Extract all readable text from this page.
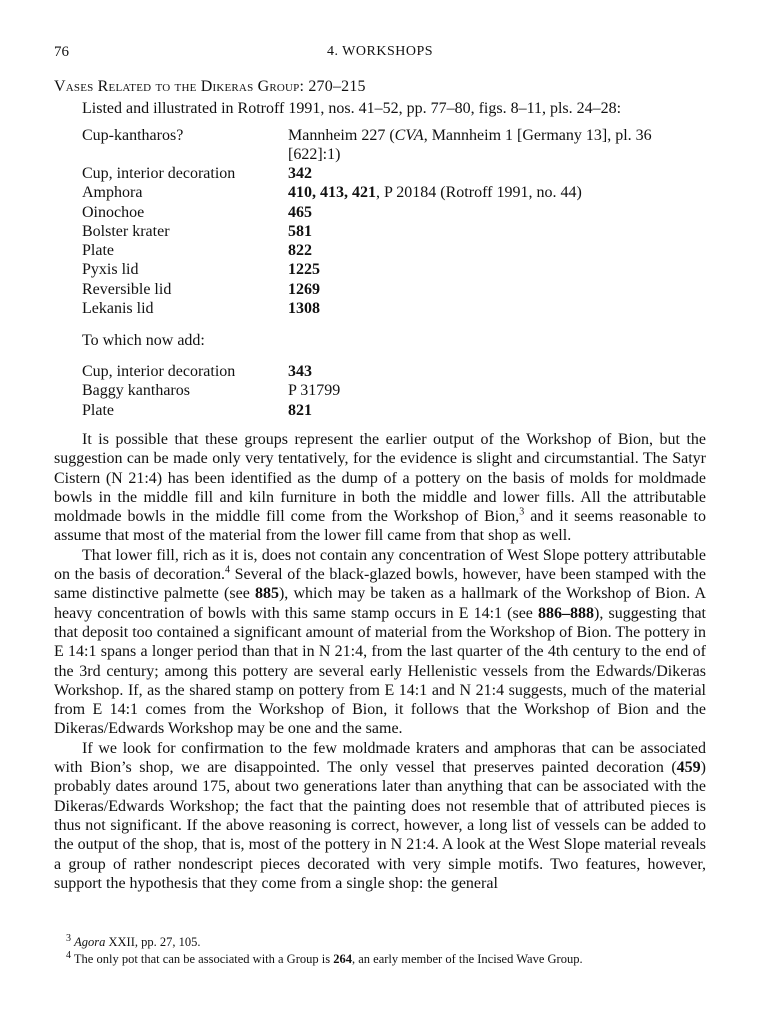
76	4. WORKSHOPS
Vases Related to the Dikeras Group: 270–215
Listed and illustrated in Rotroff 1991, nos. 41–52, pp. 77–80, figs. 8–11, pls. 24–28:
Cup-kantharos?	Mannheim 227 (CVA, Mannheim 1 [Germany 13], pl. 36
[622]:1)
Cup, interior decoration	342
Amphora	410, 413, 421, P 20184 (Rotroff 1991, no. 44)
Oinochoe	465
Bolster krater	581
Plate	822
Pyxis lid	1225
Reversible lid	1269
Lekanis lid	1308
To which now add:
Cup, interior decoration	343
Baggy kantharos	P 31799
Plate	821

It is possible that these groups represent the earlier output of the Workshop of Bion, but the suggestion can be made only very tentatively, for the evidence is slight and circumstantial. The Satyr Cistern (N 21:4) has been identified as the dump of a pottery on the basis of molds for moldmade bowls in the middle fill and kiln furniture in both the middle and lower fills. All the attributable moldmade bowls in the middle fill come from the Workshop of Bion,$^3$ and it seems reasonable to assume that most of the material from the lower fill came from that shop as well.

That lower fill, rich as it is, does not contain any concentration of West Slope pottery attributable on the basis of decoration.$^4$ Several of the black-glazed bowls, however, have been stamped with the same distinctive palmette (see 885), which may be taken as a hallmark of the Workshop of Bion. A heavy concentration of bowls with this same stamp occurs in E 14:1 (see 886–888), suggesting that that deposit too contained a significant amount of material from the Workshop of Bion. The pottery in E 14:1 spans a longer period than that in N 21:4, from the last quarter of the 4th century to the end of the 3rd century; among this pottery are several early Hellenistic vessels from the Edwards/Dikeras Workshop. If, as the shared stamp on pottery from E 14:1 and N 21:4 suggests, much of the material from E 14:1 comes from the Workshop of Bion, it follows that the Workshop of Bion and the Dikeras/Edwards Workshop may be one and the same.

If we look for confirmation to the few moldmade kraters and amphoras that can be associated with Bion’s shop, we are disappointed. The only vessel that preserves painted decoration (459) probably dates around 175, about two generations later than anything that can be associated with the Dikeras/Edwards Workshop; the fact that the painting does not resemble that of attributed pieces is thus not significant. If the above reasoning is correct, however, a long list of vessels can be added to the output of the shop, that is, most of the pottery in N 21:4. A look at the West Slope material reveals a group of rather nondescript pieces decorated with very simple motifs. Two features, however, support the hypothesis that they come from a single shop: the general

$^3$ Agora XXII, pp. 27, 105.
$^4$ The only pot that can be associated with a Group is 264, an early member of the Incised Wave Group.
